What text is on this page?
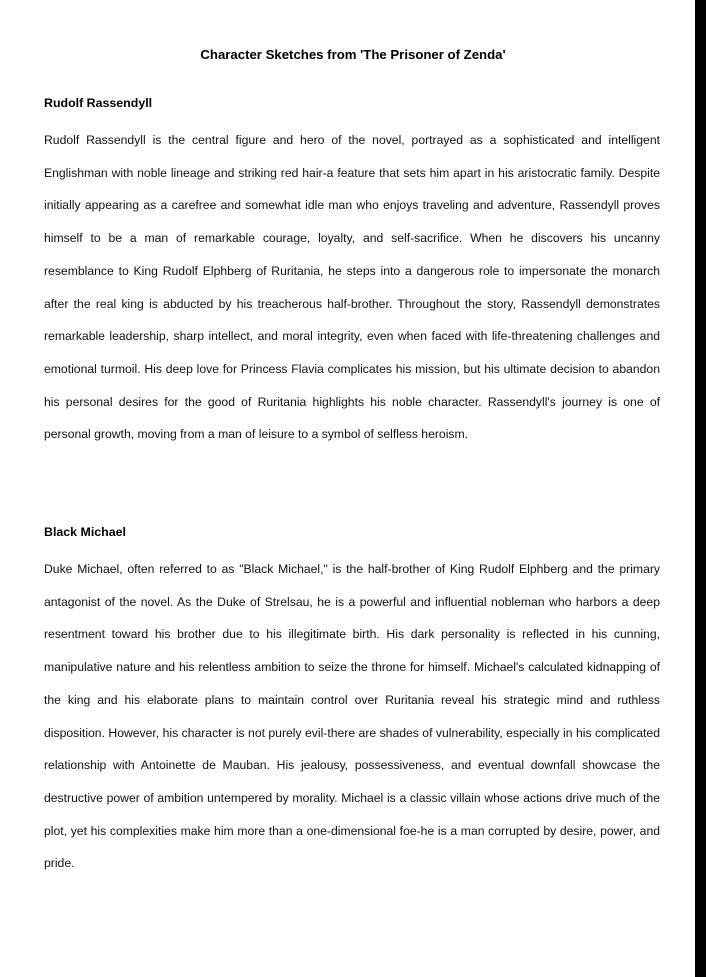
Character Sketches from 'The Prisoner of Zenda'
Rudolf Rassendyll

Rudolf Rassendyll is the central figure and hero of the novel, portrayed as a sophisticated and intelligent Englishman with noble lineage and striking red hair-a feature that sets him apart in his aristocratic family. Despite initially appearing as a carefree and somewhat idle man who enjoys traveling and adventure, Rassendyll proves himself to be a man of remarkable courage, loyalty, and self-sacrifice. When he discovers his uncanny resemblance to King Rudolf Elphberg of Ruritania, he steps into a dangerous role to impersonate the monarch after the real king is abducted by his treacherous half-brother. Throughout the story, Rassendyll demonstrates remarkable leadership, sharp intellect, and moral integrity, even when faced with life-threatening challenges and emotional turmoil. His deep love for Princess Flavia complicates his mission, but his ultimate decision to abandon his personal desires for the good of Ruritania highlights his noble character. Rassendyll's journey is one of personal growth, moving from a man of leisure to a symbol of selfless heroism.

Black Michael

Duke Michael, often referred to as "Black Michael," is the half-brother of King Rudolf Elphberg and the primary antagonist of the novel. As the Duke of Strelsau, he is a powerful and influential nobleman who harbors a deep resentment toward his brother due to his illegitimate birth. His dark personality is reflected in his cunning, manipulative nature and his relentless ambition to seize the throne for himself. Michael's calculated kidnapping of the king and his elaborate plans to maintain control over Ruritania reveal his strategic mind and ruthless disposition. However, his character is not purely evil-there are shades of vulnerability, especially in his complicated relationship with Antoinette de Mauban. His jealousy, possessiveness, and eventual downfall showcase the destructive power of ambition untempered by morality. Michael is a classic villain whose actions drive much of the plot, yet his complexities make him more than a one-dimensional foe-he is a man corrupted by desire, power, and pride.
